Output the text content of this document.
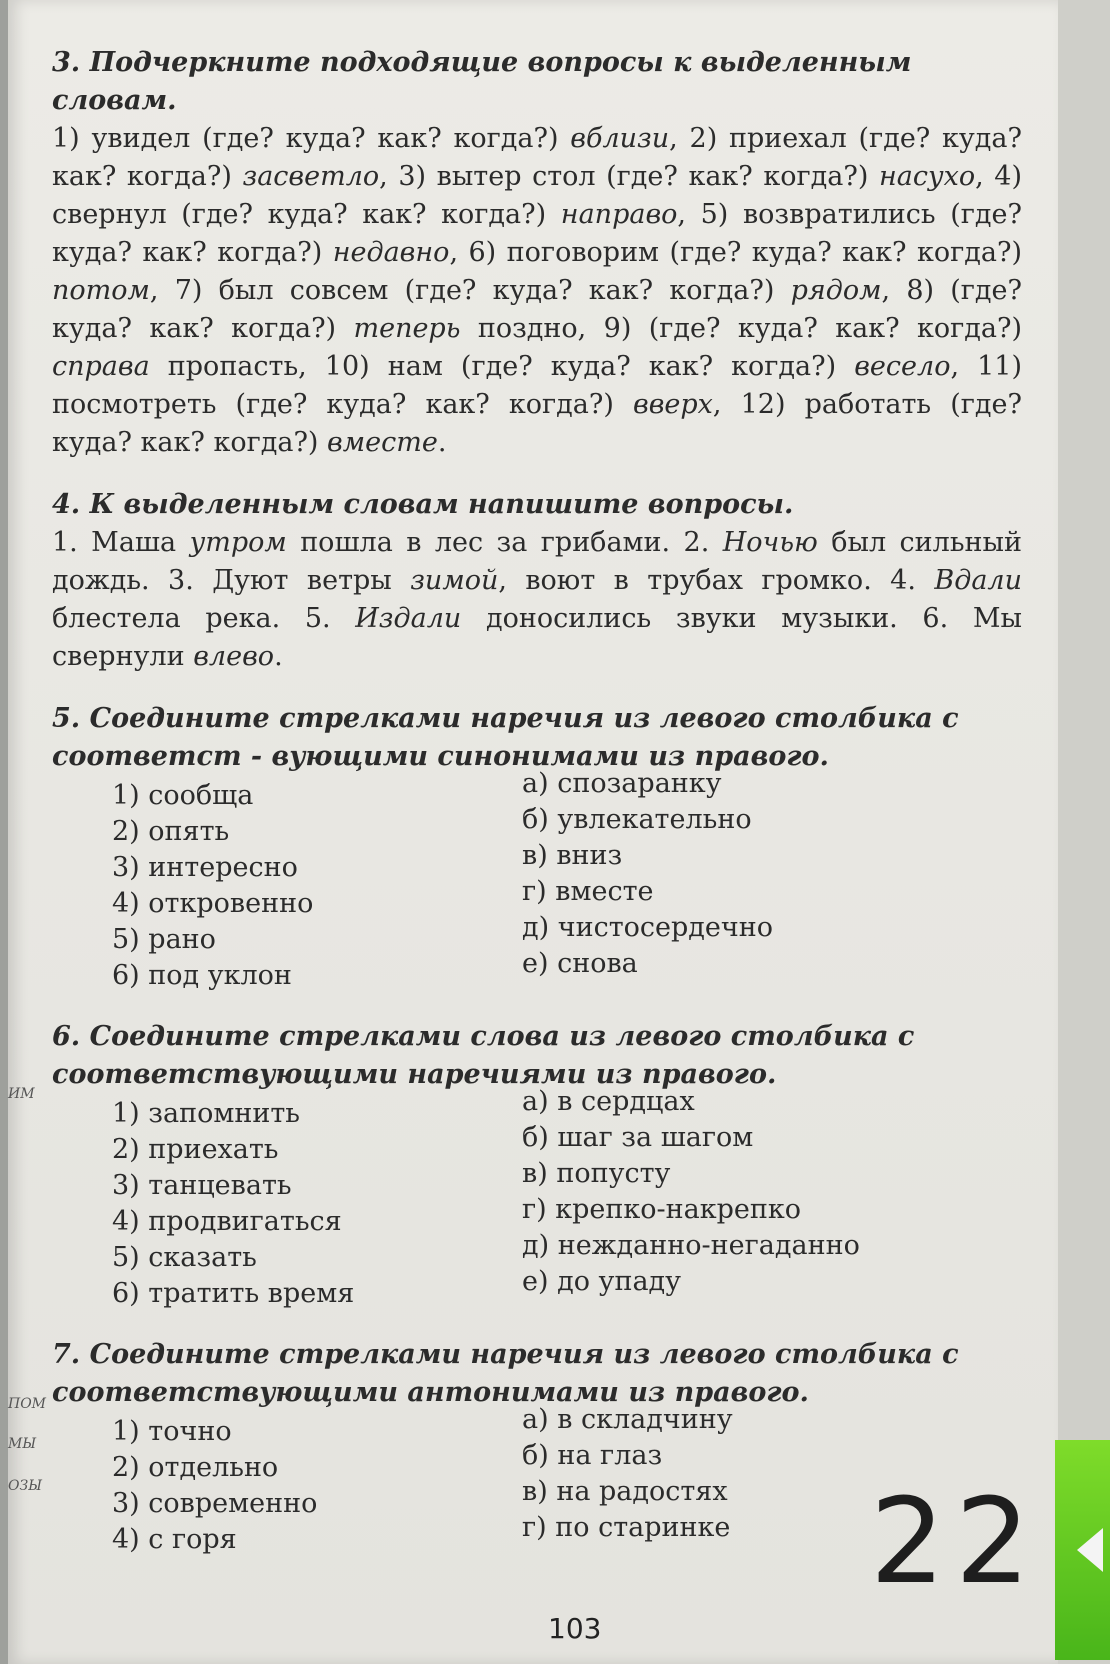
ИМ
ПОМ
МЫ
ОЗЫ

3. Подчеркните подходящие вопросы к выделенным словам.

1) увидел (где? куда? как? когда?) вблизи, 2) приехал (где? куда? как? когда?) засветло, 3) вытер стол (где? как? когда?) насухо, 4) свернул (где? куда? как? когда?) направо, 5) возвратились (где? куда? как? когда?) недавно, 6) поговорим (где? куда? как? когда?) потом, 7) был совсем (где? куда? как? когда?) рядом, 8) (где? куда? как? когда?) теперь поздно, 9) (где? куда? как? когда?) справа пропасть, 10) нам (где? куда? как? когда?) весело, 11) посмотреть (где? куда? как? когда?) вверх, 12) работать (где? куда? как? когда?) вместе.

4. К выделенным словам напишите вопросы.

1. Маша утром пошла в лес за грибами. 2. Ночью был сильный дождь. 3. Дуют ветры зимой, воют в трубах громко. 4. Вдали блестела река. 5. Издали доносились звуки музыки. 6. Мы свернули влево.

5. Соедините стрелками наречия из левого столбика с соответст - вующими синонимами из правого.

1) сообща
2) опять
3) интересно
4) откровенно
5) рано
6) под уклон
а) спозаранку
б) увлекательно
в) вниз
г) вместе
д) чистосердечно
е) снова

6. Соедините стрелками слова из левого столбика с соответствующими наречиями из правого.

1) запомнить
2) приехать
3) танцевать
4) продвигаться
5) сказать
6) тратить время
а) в сердцах
б) шаг за шагом
в) попусту
г) крепко-накрепко
д) нежданно-негаданно
е) до упаду

7. Соедините стрелками наречия из левого столбика с соответствующими антонимами из правого.

1) точно
2) отдельно
3) современно
4) с горя
а) в складчину
б) на глаз
в) на радостях
г) по старинке
103
22
